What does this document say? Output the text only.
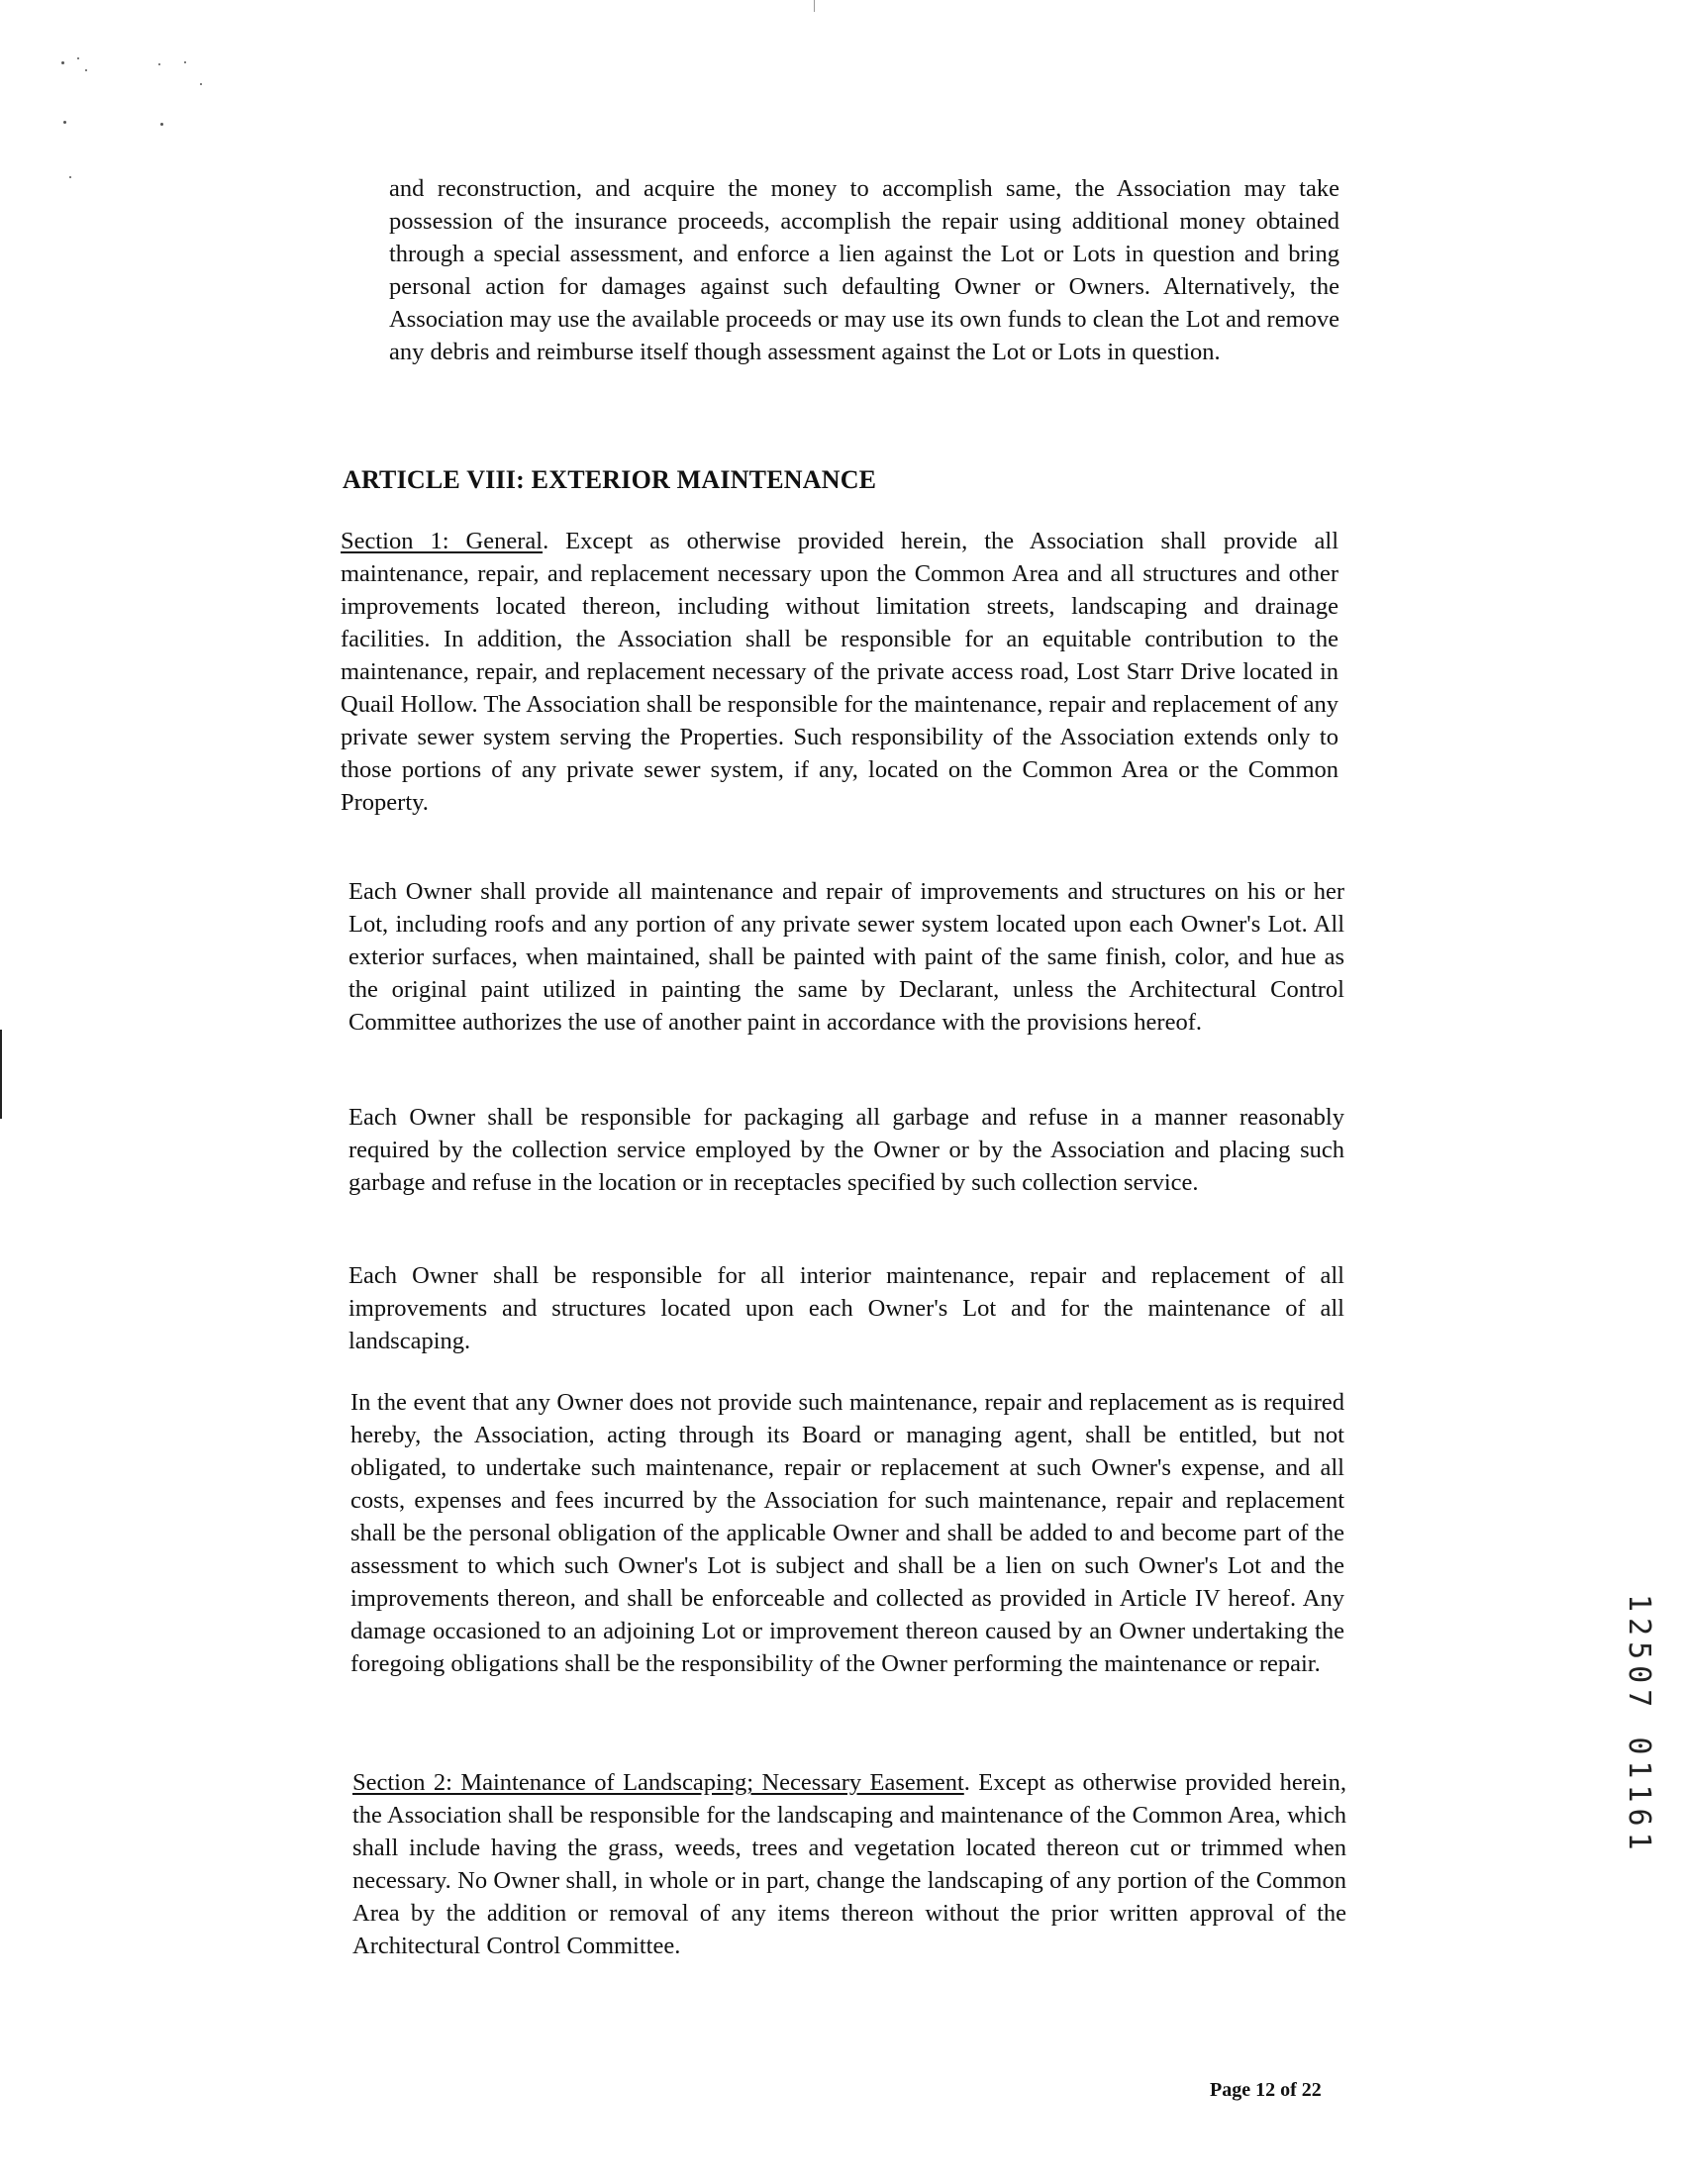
and reconstruction, and acquire the money to accomplish same, the Association may take possession of the insurance proceeds, accomplish the repair using additional money obtained through a special assessment, and enforce a lien against the Lot or Lots in question and bring personal action for damages against such defaulting Owner or Owners. Alternatively, the Association may use the available proceeds or may use its own funds to clean the Lot and remove any debris and reimburse itself though assessment against the Lot or Lots in question.

ARTICLE VIII: EXTERIOR MAINTENANCE

Section 1: General. Except as otherwise provided herein, the Association shall provide all maintenance, repair, and replacement necessary upon the Common Area and all structures and other improvements located thereon, including without limitation streets, landscaping and drainage facilities. In addition, the Association shall be responsible for an equitable contribution to the maintenance, repair, and replacement necessary of the private access road, Lost Starr Drive located in Quail Hollow. The Association shall be responsible for the maintenance, repair and replacement of any private sewer system serving the Properties. Such responsibility of the Association extends only to those portions of any private sewer system, if any, located on the Common Area or the Common Property.

Each Owner shall provide all maintenance and repair of improvements and structures on his or her Lot, including roofs and any portion of any private sewer system located upon each Owner's Lot. All exterior surfaces, when maintained, shall be painted with paint of the same finish, color, and hue as the original paint utilized in painting the same by Declarant, unless the Architectural Control Committee authorizes the use of another paint in accordance with the provisions hereof.

Each Owner shall be responsible for packaging all garbage and refuse in a manner reasonably required by the collection service employed by the Owner or by the Association and placing such garbage and refuse in the location or in receptacles specified by such collection service.

Each Owner shall be responsible for all interior maintenance, repair and replacement of all improvements and structures located upon each Owner's Lot and for the maintenance of all landscaping.

In the event that any Owner does not provide such maintenance, repair and replacement as is required hereby, the Association, acting through its Board or managing agent, shall be entitled, but not obligated, to undertake such maintenance, repair or replacement at such Owner's expense, and all costs, expenses and fees incurred by the Association for such maintenance, repair and replacement shall be the personal obligation of the applicable Owner and shall be added to and become part of the assessment to which such Owner's Lot is subject and shall be a lien on such Owner's Lot and the improvements thereon, and shall be enforceable and collected as provided in Article IV hereof. Any damage occasioned to an adjoining Lot or improvement thereon caused by an Owner undertaking the foregoing obligations shall be the responsibility of the Owner performing the maintenance or repair.

Section 2: Maintenance of Landscaping; Necessary Easement. Except as otherwise provided herein, the Association shall be responsible for the landscaping and maintenance of the Common Area, which shall include having the grass, weeds, trees and vegetation located thereon cut or trimmed when necessary. No Owner shall, in whole or in part, change the landscaping of any portion of the Common Area by the addition or removal of any items thereon without the prior written approval of the Architectural Control Committee.

Page 12 of 22
12507 01161
